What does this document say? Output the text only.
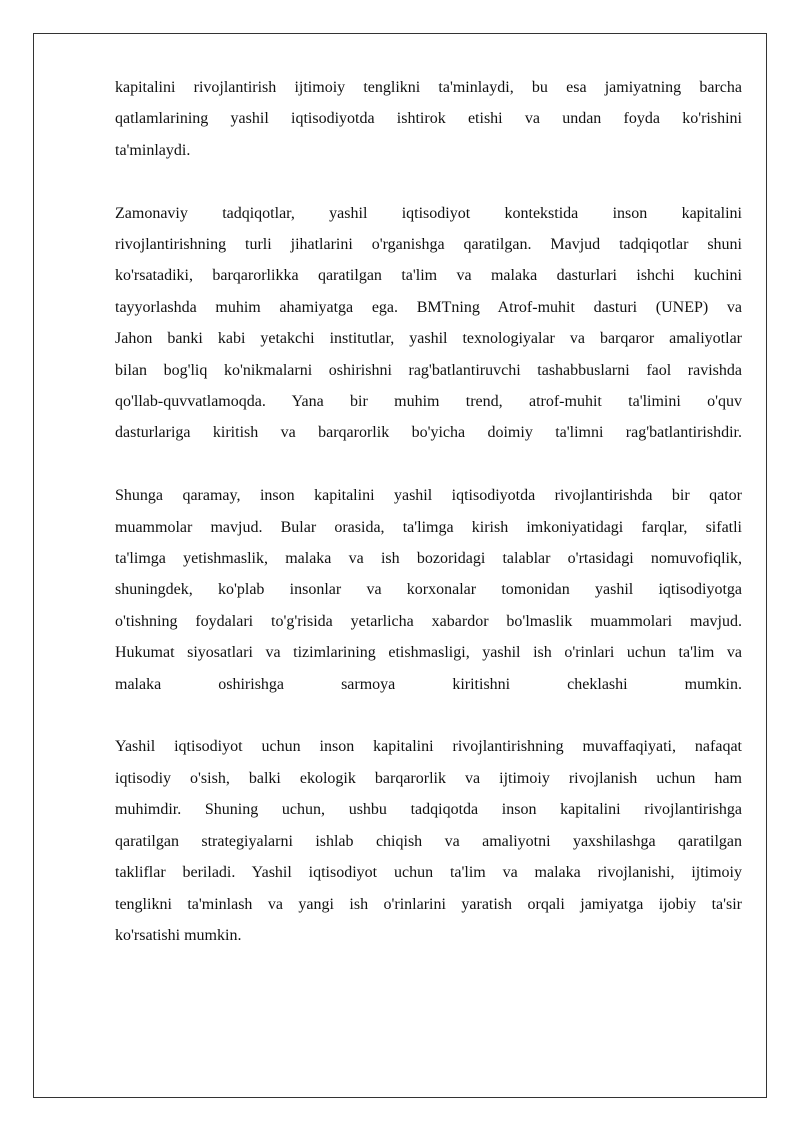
kapitalini rivojlantirish ijtimoiy tenglikni ta'minlaydi, bu esa jamiyatning barcha
qatlamlarining yashil iqtisodiyotda ishtirok etishi va undan foyda ko'rishini
ta'minlaydi.

Zamonaviy tadqiqotlar, yashil iqtisodiyot kontekstida inson kapitalini
rivojlantirishning turli jihatlarini o'rganishga qaratilgan. Mavjud tadqiqotlar shuni
ko'rsatadiki, barqarorlikka qaratilgan ta'lim va malaka dasturlari ishchi kuchini
tayyorlashda muhim ahamiyatga ega. BMTning Atrof-muhit dasturi (UNEP) va
Jahon banki kabi yetakchi institutlar, yashil texnologiyalar va barqaror amaliyotlar
bilan bog'liq ko'nikmalarni oshirishni rag'batlantiruvchi tashabbuslarni faol ravishda
qo'llab-quvvatlamoqda. Yana bir muhim trend, atrof-muhit ta'limini o'quv
dasturlariga kiritish va barqarorlik bo'yicha doimiy ta'limni rag'batlantirishdir.

Shunga qaramay, inson kapitalini yashil iqtisodiyotda rivojlantirishda bir qator
muammolar mavjud. Bular orasida, ta'limga kirish imkoniyatidagi farqlar, sifatli
ta'limga yetishmaslik, malaka va ish bozoridagi talablar o'rtasidagi nomuvofiqlik,
shuningdek, ko'plab insonlar va korxonalar tomonidan yashil iqtisodiyotga
o'tishning foydalari to'g'risida yetarlicha xabardor bo'lmaslik muammolari mavjud.
Hukumat siyosatlari va tizimlarining etishmasligi, yashil ish o'rinlari uchun ta'lim va
malaka oshirishga sarmoya kiritishni cheklashi mumkin.

Yashil iqtisodiyot uchun inson kapitalini rivojlantirishning muvaffaqiyati, nafaqat
iqtisodiy o'sish, balki ekologik barqarorlik va ijtimoiy rivojlanish uchun ham
muhimdir. Shuning uchun, ushbu tadqiqotda inson kapitalini rivojlantirishga
qaratilgan strategiyalarni ishlab chiqish va amaliyotni yaxshilashga qaratilgan
takliflar beriladi. Yashil iqtisodiyot uchun ta'lim va malaka rivojlanishi, ijtimoiy
tenglikni ta'minlash va yangi ish o'rinlarini yaratish orqali jamiyatga ijobiy ta'sir
ko'rsatishi mumkin.
